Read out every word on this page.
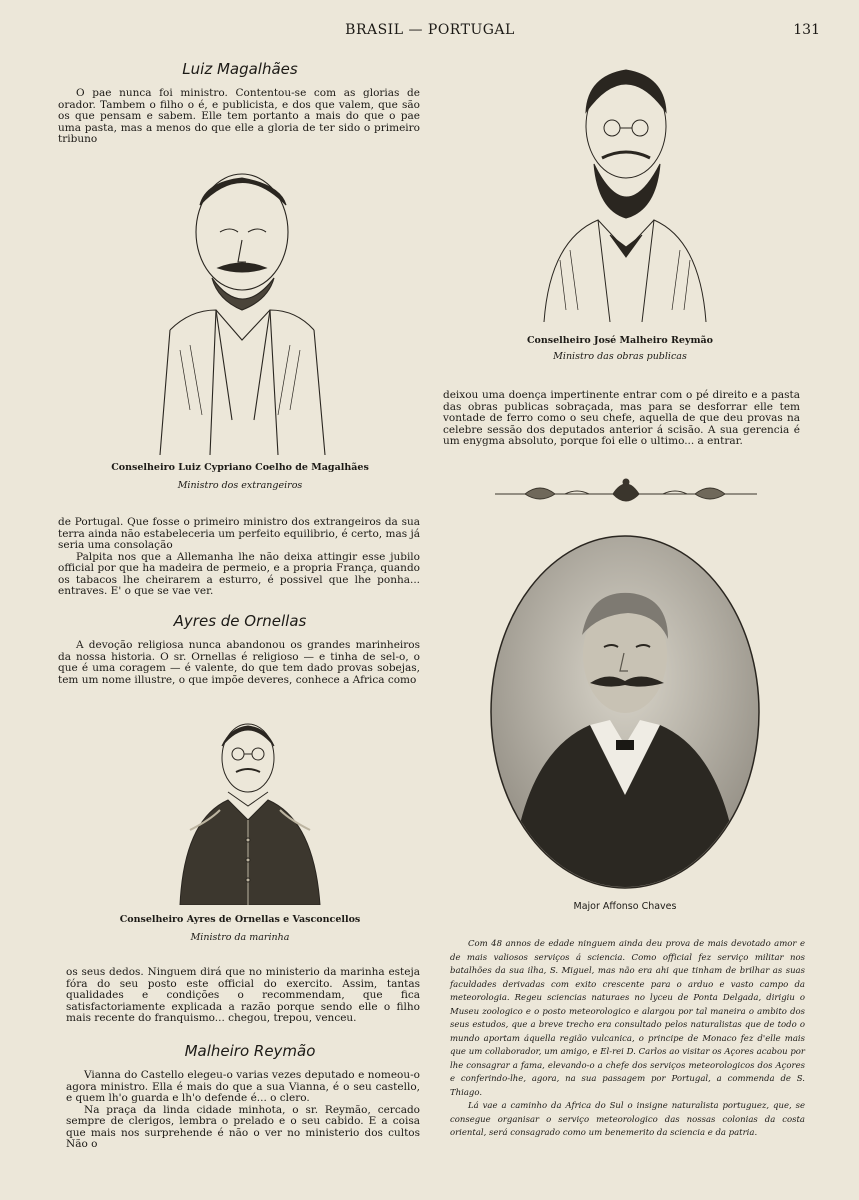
BRASIL — PORTUGAL	131
Luiz Magalhães

O pae nunca foi ministro. Contentou-se com as glorias de orador. Tambem o filho o é, e publicista, e dos que valem, que são os que pensam e sabem. Elle tem portanto a mais do que o pae uma pasta, mas a menos do que elle a gloria de ter sido o primeiro tribuno

Conselheiro Luiz Cypriano Coelho de Magalhães
Ministro dos extrangeiros

de Portugal. Que fosse o primeiro ministro dos extrangeiros da sua terra ainda não estabeleceria um perfeito equilibrio, é certo, mas já seria uma consolação

Palpita nos que a Allemanha lhe não deixa attingir esse jubilo official por que ha madeira de permeio, e a propria França, quando os tabacos lhe cheirarem a esturro, é possivel que lhe ponha... entraves. E' o que se vae ver.

Ayres de Ornellas

A devoção religiosa nunca abandonou os grandes marinheiros da nossa historia. O sr. Ornellas é religioso — e tinha de sel-o, o que é uma coragem — é valente, do que tem dado provas sobejas, tem um nome illustre, o que impõe deveres, conhece a Africa como

Conselheiro Ayres de Ornellas e Vasconcellos
Ministro da marinha

os seus dedos. Ninguem dirá que no ministerio da marinha esteja fóra do seu posto este official do exercito. Assim, tantas qualidades e condições o recommendam, que fica satisfactoriamente explicada a razão porque sendo elle o filho mais recente do franquismo... chegou, trepou, venceu.

Malheiro Reymão

Vianna do Castello elegeu-o varias vezes deputado e nomeou-o agora ministro. Ella é mais do que a sua Vianna, é o seu castello, e quem lh'o guarda e lh'o defende é... o clero.

Na praça da linda cidade minhota, o sr. Reymão, cercado sempre de clerigos, lembra o prelado e o seu cabido. E a coisa que mais nos surprehende é não o ver no ministerio dos cultos Não o

Conselheiro José Malheiro Reymão
Ministro das obras publicas

deixou uma doença impertinente entrar com o pé direito e a pasta das obras publicas sobraçada, mas para se desforrar elle tem vontade de ferro como o seu chefe, aquella de que deu provas na celebre sessão dos deputados anterior á scisão. A sua gerencia é um enygma absoluto, porque foi elle o ultimo... a entrar.

Major Affonso Chaves

Com 48 annos de edade ninguem ainda deu prova de mais devotado amor e de mais valiosos serviços á sciencia. Como official fez serviço militar nos batalhões da sua ilha, S. Miguel, mas não era ahi que tinham de brilhar as suas faculdades derivadas com exito crescente para o arduo e vasto campo da meteorologia. Regeu sciencias naturaes no lyceu de Ponta Delgada, dirigiu o Museu zoologico e o posto meteorologico e alargou por tal maneira o ambito dos seus estudos, que a breve trecho era consultado pelos naturalistas que de todo o mundo aportam áquella região vulcanica, o principe de Monaco fez d'elle mais que um collaborador, um amigo, e El-rei D. Carlos ao visitar os Açores acabou por lhe consagrar a fama, elevando-o a chefe dos serviços meteorologicos dos Açores e conferindo-lhe, agora, na sua passagem por Portugal, a commenda de S. Thiago.

Lá vae a caminho da Africa do Sul o insigne naturalista portuguez, que, se consegue organisar o serviço meteorologico das nossas colonias da costa oriental, será consagrado como um benemerito da sciencia e da patria.
